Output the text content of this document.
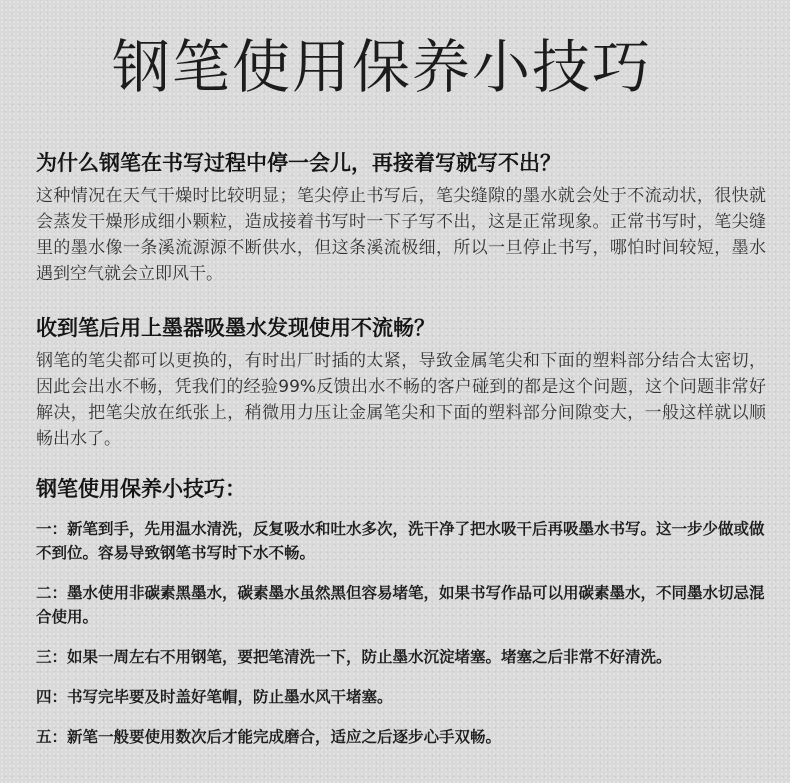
钢笔使用保养小技巧
为什么钢笔在书写过程中停一会儿，再接着写就写不出？

这种情况在天气干燥时比较明显；笔尖停止书写后，笔尖缝隙的墨水就会处于不流动状，很快就会蒸发干燥形成细小颗粒，造成接着书写时一下子写不出，这是正常现象。正常书写时，笔尖缝里的墨水像一条溪流源源不断供水，但这条溪流极细，所以一旦停止书写，哪怕时间较短，墨水遇到空气就会立即风干。

收到笔后用上墨器吸墨水发现使用不流畅？

钢笔的笔尖都可以更换的，有时出厂时插的太紧，导致金属笔尖和下面的塑料部分结合太密切，因此会出水不畅，凭我们的经验99%反馈出水不畅的客户碰到的都是这个问题，这个问题非常好解决，把笔尖放在纸张上，稍微用力压让金属笔尖和下面的塑料部分间隙变大，一般这样就以顺畅出水了。

钢笔使用保养小技巧：
一：新笔到手，先用温水清洗，反复吸水和吐水多次，洗干净了把水吸干后再吸墨水书写。这一步少做或做不到位。容易导致钢笔书写时下水不畅。
二：墨水使用非碳素黑墨水，碳素墨水虽然黑但容易堵笔，如果书写作品可以用碳素墨水，不同墨水切忌混合使用。
三：如果一周左右不用钢笔，要把笔清洗一下，防止墨水沉淀堵塞。堵塞之后非常不好清洗。
四：书写完毕要及时盖好笔帽，防止墨水风干堵塞。
五：新笔一般要使用数次后才能完成磨合，适应之后逐步心手双畅。
